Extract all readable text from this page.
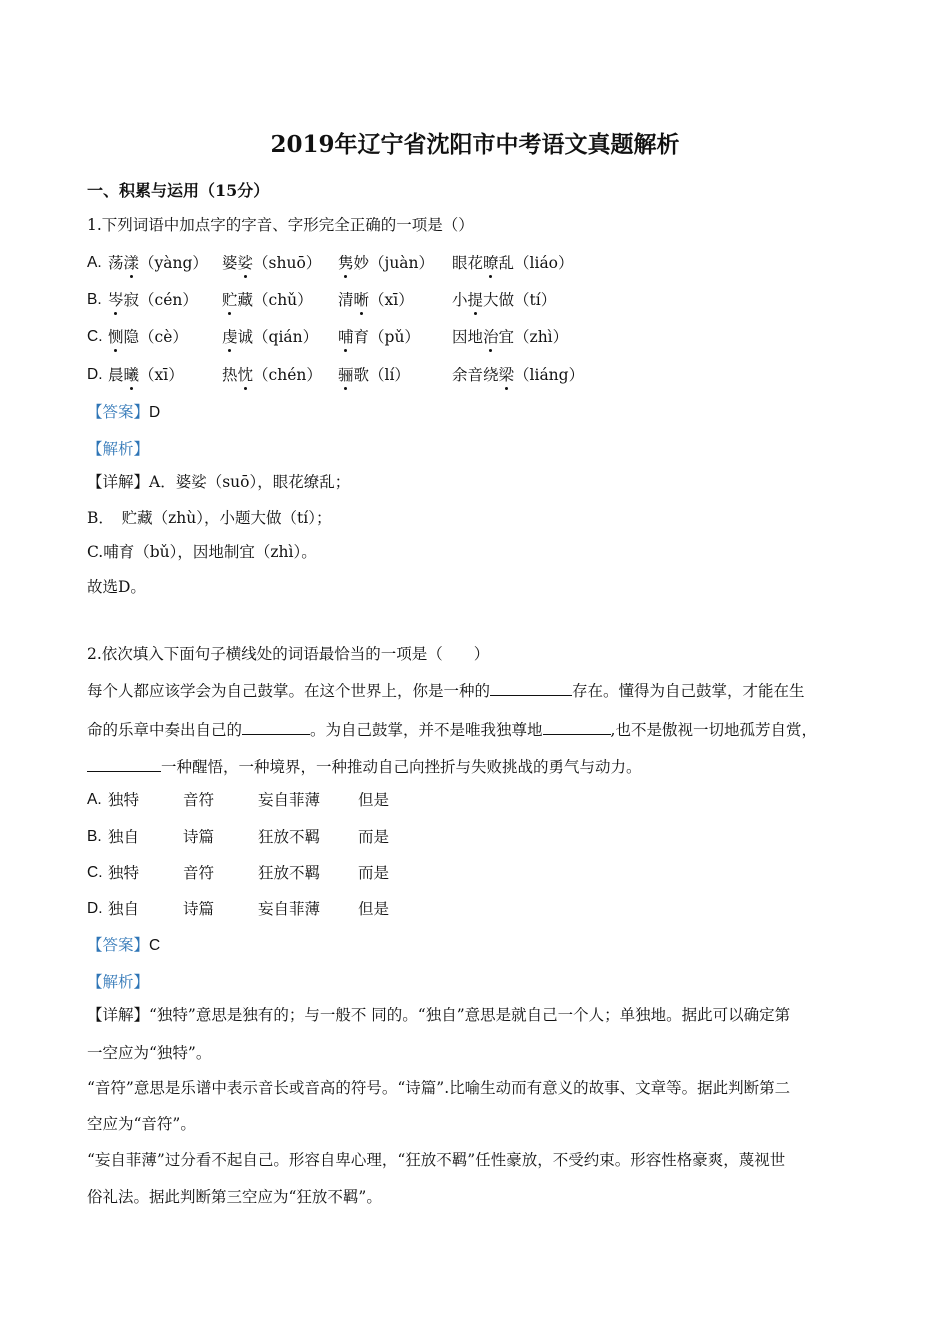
2019年辽宁省沈阳市中考语文真题解析
一、积累与运用（15分）
1.下列词语中加点字的字音、字形完全正确的一项是（）
A. 荡漾（yàng） 婆娑（shuō） 隽妙（juàn） 眼花暸乱（liáo）
B. 岑寂（cén） 贮藏（chǔ） 清晰（xī） 小提大做（tí）
C. 恻隐（cè） 虔诚（qián） 哺育（pǔ） 因地治宜（zhì）
D. 晨曦（xī） 热忱（chén） 骊歌（lí）	余音绕梁（liáng）
【答案】D
【解析】
【详解】A．婆娑（suō），眼花缭乱；
B．　贮藏（zhù），小题大做（tí）；
C.哺育（bǔ），因地制宜（zhì）。
故选D。
2.依次填入下面句子横线处的词语最恰当的一项是（　　）
每个人都应该学会为自己鼓掌。在这个世界上，你是一种的	存在。懂得为自己鼓掌，才能在生
命的乐章中奏出自己的	。为自己鼓掌，并不是唯我独尊地	,也不是傲视一切地孤芳自赏，
一种醒悟，一种境界，一种推动自己向挫折与失败挑战的勇气与动力。
A. 独特	音符	妄自菲薄 但是
B. 独自	诗篇	狂放不羁 而是
C. 独特	音符	狂放不羁 而是
D. 独自	诗篇	妄自菲薄 但是
【答案】C
【解析】
【详解】“独特”意思是独有的；与一般不 同的。“独自”意思是就自己一个人；单独地。据此可以确定第
一空应为“独特”。
“音符”意思是乐谱中表示音长或音高的符号。“诗篇”.比喻生动而有意义的故事、文章等。据此判断第二
空应为“音符”。
“妄自菲薄”过分看不起自己。形容自卑心理，“狂放不羁”任性豪放，不受约束。形容性格豪爽，蔑视世
俗礼法。据此判断第三空应为“狂放不羁”。
